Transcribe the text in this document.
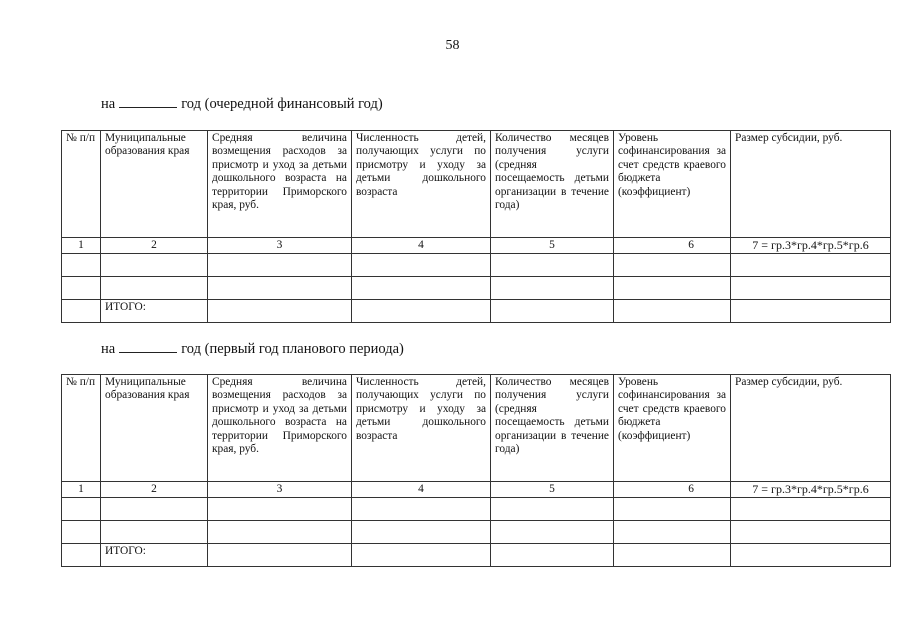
58
на	год (очередной финансовый год)
№ п/п	Муниципальные образования края	Средняя величина возмещения расходов за присмотр и уход за детьми дошкольного возраста на территории Приморского края, руб.	Численность детей, получающих услуги по присмотру и уходу за детьми дошкольного возраста	Количество месяцев получения услуги (средняя посещаемость детьми организации в течение года)	Уровень софинансирования за счет средств краевого бюджета (коэффициент)	Размер субсидии, руб.
1	2	3	4	5	6	7 = гр.3*гр.4*гр.5*гр.6

	ИТОГО:					
на	год (первый год планового периода)
№ п/п	Муниципальные образования края	Средняя величина возмещения расходов за присмотр и уход за детьми дошкольного возраста на территории Приморского края, руб.	Численность детей, получающих услуги по присмотру и уходу за детьми дошкольного возраста	Количество месяцев получения услуги (средняя посещаемость детьми организации в течение года)	Уровень софинансирования за счет средств краевого бюджета (коэффициент)	Размер субсидии, руб.
1	2	3	4	5	6	7 = гр.3*гр.4*гр.5*гр.6

	ИТОГО:					
